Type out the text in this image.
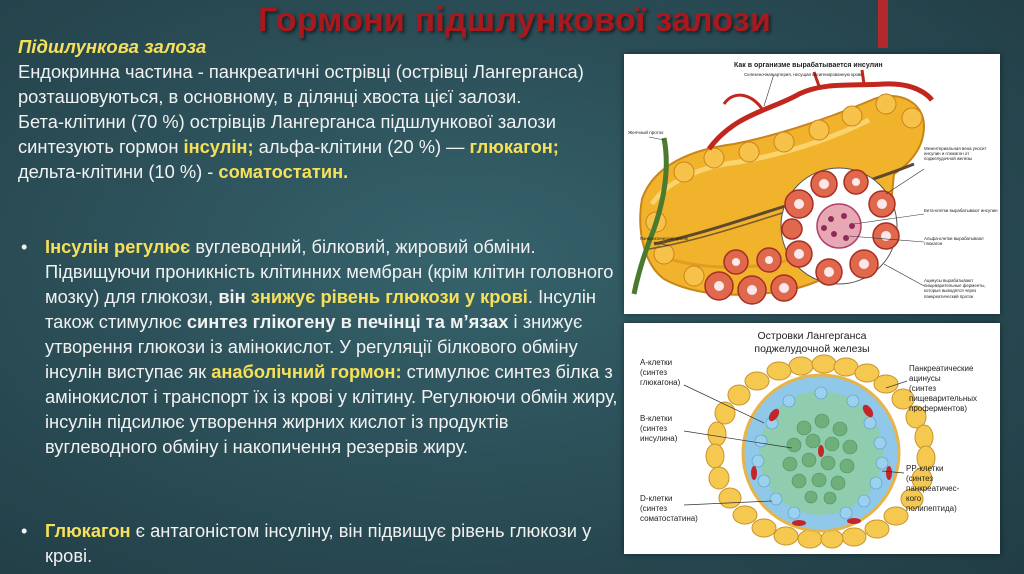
Гормони підшлункової залози
Підшлункова залоза
Ендокринна частина - панкреатичні острівці (острівці Лангерганса) розташовуються, в основному, в ділянці хвоста цієї залози.
Бета-клітини (70 %) острівців Лангерганса підшлункової залози синтезують гормон інсулін; альфа-клітини (20 %) — глюкагон; дельта-клітини (10 %) - соматостатин.
• Інсулін регулює вуглеводний, білковий, жировий обміни. Підвищуючи проникність клітинних мембран (крім клітин головного мозку) для глюкози, він знижує рівень глюкози у крові. Інсулін також стимулює синтез глікогену в печінці та м’язах і знижує утворення глюкози із амінокислот. У регуляції білкового обміну інсулін виступає як анаболічний гормон: стимулює синтез білка з амінокислот і транспорт їх із крові у клітину. Регулюючи обмін жиру, інсулін підсилює утворення жирних кислот із продуктів вуглеводного обміну і накопичення резервів жиру.
• Глюкагон є антагоністом інсуліну, він підвищує рівень глюкози у крові.
Как в организме вырабатывается инсулин
Селезеночная артерия, несущая оксигенированную кровь
Желчный проток
Панкреатический проток
Мезентериальная вена уносит инсулин и глюкагон от поджелудочной железы
Бета-клетки вырабатывают инсулин
Альфа-клетки вырабатывают глюкагон
Ацинусы вырабатывают пищеварительные ферменты, которые выводятся через панкреатический проток
Островки Лангерганса
поджелудочной железы
А-клетки
(синтез
глюкагона)
В-клетки
(синтез
инсулина)
D-клетки
(синтез
соматостатина)
Панкреатические
ацинусы
(синтез
пищеварительных
проферментов)
РР-клетки
(синтез
панкреатичес-
кого
полипептида)
